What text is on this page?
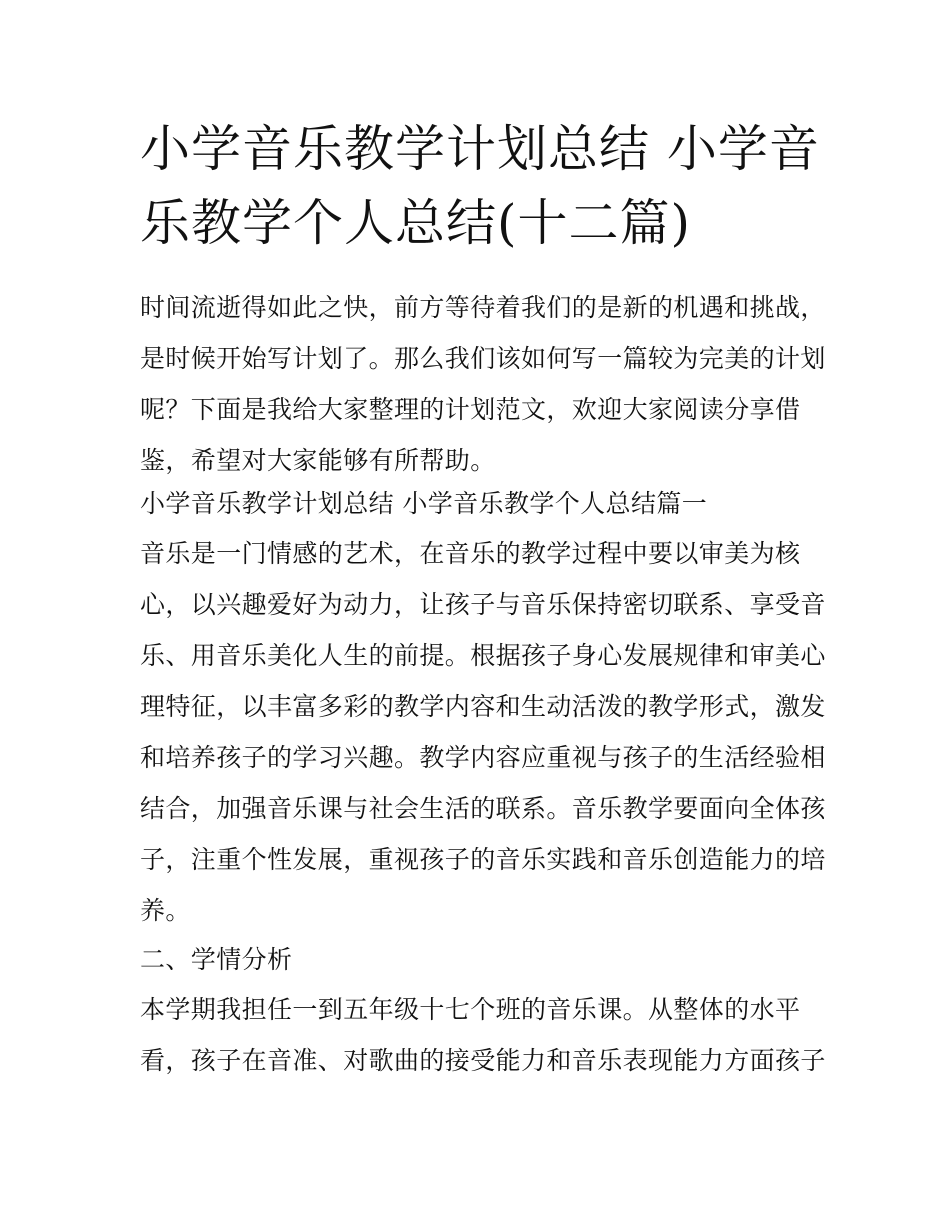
小学音乐教学计划总结 小学音乐教学个人总结(十二篇)
时间流逝得如此之快，前方等待着我们的是新的机遇和挑战，
是时候开始写计划了。那么我们该如何写一篇较为完美的计划
呢？下面是我给大家整理的计划范文，欢迎大家阅读分享借
鉴，希望对大家能够有所帮助。
小学音乐教学计划总结 小学音乐教学个人总结篇一
音乐是一门情感的艺术，在音乐的教学过程中要以审美为核
心，以兴趣爱好为动力，让孩子与音乐保持密切联系、享受音
乐、用音乐美化人生的前提。根据孩子身心发展规律和审美心
理特征，以丰富多彩的教学内容和生动活泼的教学形式，激发
和培养孩子的学习兴趣。教学内容应重视与孩子的生活经验相
结合，加强音乐课与社会生活的联系。音乐教学要面向全体孩
子，注重个性发展，重视孩子的音乐实践和音乐创造能力的培
养。
二、学情分析
本学期我担任一到五年级十七个班的音乐课。从整体的水平
看，孩子在音准、对歌曲的接受能力和音乐表现能力方面孩子
